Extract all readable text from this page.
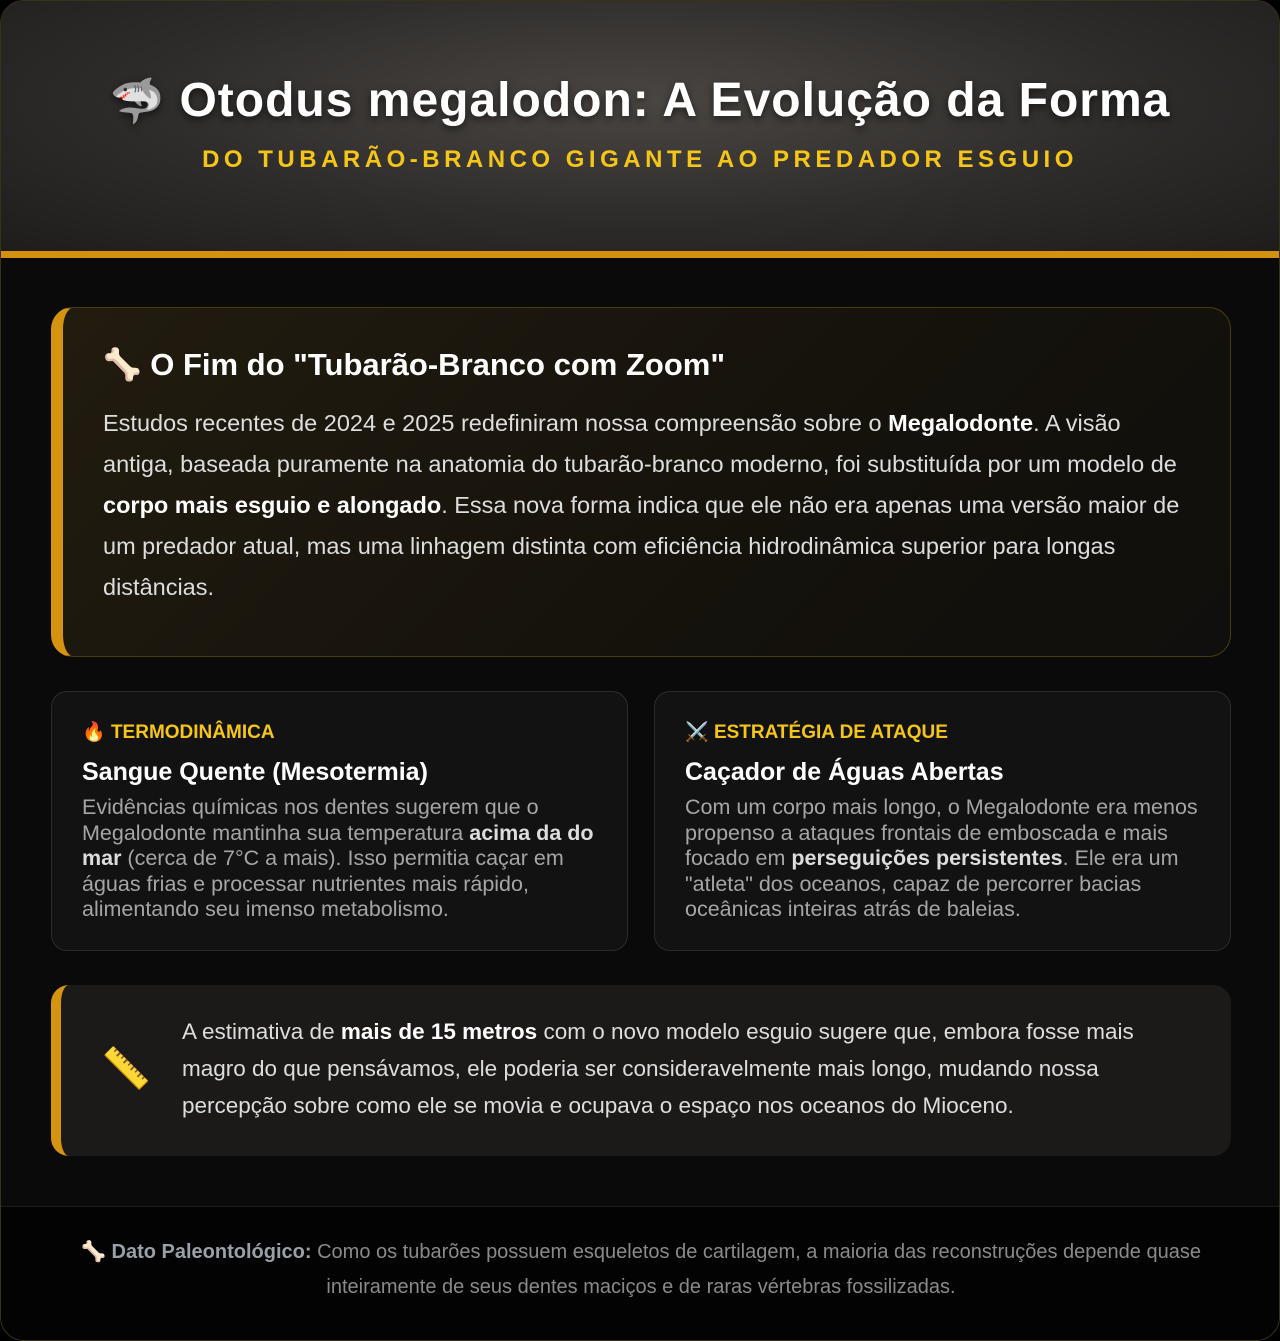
🦈 Otodus megalodon: A Evolução da Forma
DO TUBARÃO-BRANCO GIGANTE AO PREDADOR ESGUIO
🦴 O Fim do "Tubarão-Branco com Zoom"

Estudos recentes de 2024 e 2025 redefiniram nossa compreensão sobre o Megalodonte. A visão antiga, baseada puramente na anatomia do tubarão-branco moderno, foi substituída por um modelo de corpo mais esguio e alongado. Essa nova forma indica que ele não era apenas uma versão maior de um predador atual, mas uma linhagem distinta com eficiência hidrodinâmica superior para longas distâncias.

🔥 TERMODINÂMICA
Sangue Quente (Mesotermia)

Evidências químicas nos dentes sugerem que o Megalodonte mantinha sua temperatura acima da do mar (cerca de 7°C a mais). Isso permitia caçar em águas frias e processar nutrientes mais rápido, alimentando seu imenso metabolismo.

⚔️ ESTRATÉGIA DE ATAQUE
Caçador de Águas Abertas

Com um corpo mais longo, o Megalodonte era menos propenso a ataques frontais de emboscada e mais focado em perseguições persistentes. Ele era um "atleta" dos oceanos, capaz de percorrer bacias oceânicas inteiras atrás de baleias.

📏

A estimativa de mais de 15 metros com o novo modelo esguio sugere que, embora fosse mais magro do que pensávamos, ele poderia ser consideravelmente mais longo, mudando nossa percepção sobre como ele se movia e ocupava o espaço nos oceanos do Mioceno.

🦴 Dato Paleontológico: Como os tubarões possuem esqueletos de cartilagem, a maioria das reconstruções depende quase inteiramente de seus dentes maciços e de raras vértebras fossilizadas.
